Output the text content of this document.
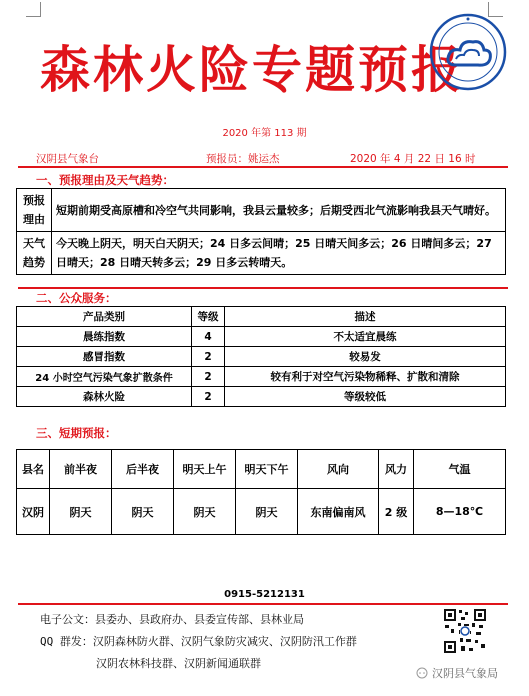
森林火险专题预报
2020 年第 113 期
汉阴县气象台	预报员：姚运杰	2020 年 4 月 22 日 16 时
一、预报理由及天气趋势：
预报理由	短期前期受高原槽和冷空气共同影响，我县云量较多；后期受西北气流影响我县天气晴好。
天气趋势	今天晚上阴天，明天白天阴天；24 日多云间晴；25 日晴天间多云；26 日晴间多云；27 日晴天；28 日晴天转多云；29 日多云转晴天。
二、公众服务：
产品类别	等级	描述
晨练指数	4	不太适宜晨练
感冒指数	2	较易发
24 小时空气污染气象扩散条件	2	较有利于对空气污染物稀释、扩散和清除
森林火险	2	等级较低
三、短期预报：
县名	前半夜	后半夜	明天上午	明天下午	风向	风力	气温
汉阴	阴天	阴天	阴天	阴天	东南偏南风	2 级	8—18℃
0915-5212131
电子公文：县委办、县政府办、县委宣传部、县林业局
QQ 群发：汉阴森林防火群、汉阴气象防灾减灾、汉阴防汛工作群
汉阴农林科技群、汉阴新闻通联群
汉阴县气象局
